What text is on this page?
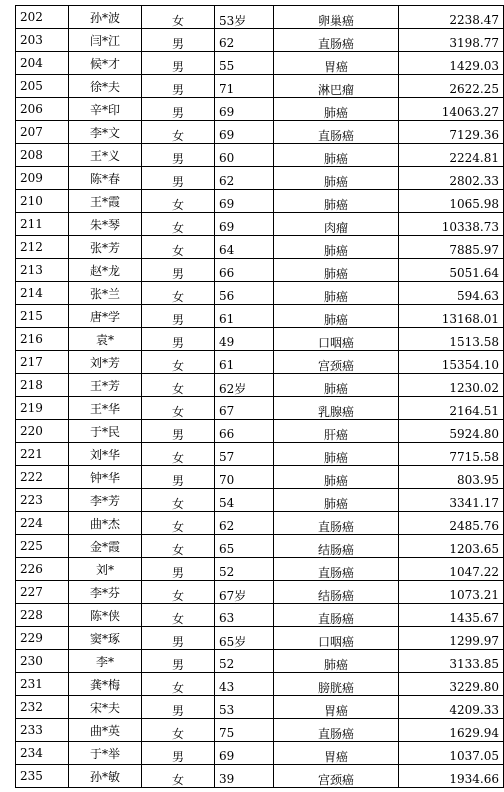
202	孙*波	女	53岁	卵巢癌	2238.47
203	闫*江	男	62	直肠癌	3198.77
204	候*才	男	55	胃癌	1429.03
205	徐*夫	男	71	淋巴瘤	2622.25
206	辛*印	男	69	肺癌	14063.27
207	李*文	女	69	直肠癌	7129.36
208	王*义	男	60	肺癌	2224.81
209	陈*春	男	62	肺癌	2802.33
210	王*霞	女	69	肺癌	1065.98
211	朱*琴	女	69	肉瘤	10338.73
212	张*芳	女	64	肺癌	7885.97
213	赵*龙	男	66	肺癌	5051.64
214	张*兰	女	56	肺癌	594.63
215	唐*学	男	61	肺癌	13168.01
216	袁*	男	49	口咽癌	1513.58
217	刘*芳	女	61	宫颈癌	15354.10
218	王*芳	女	62岁	肺癌	1230.02
219	王*华	女	67	乳腺癌	2164.51
220	于*民	男	66	肝癌	5924.80
221	刘*华	女	57	肺癌	7715.58
222	钟*华	男	70	肺癌	803.95
223	李*芳	女	54	肺癌	3341.17
224	曲*杰	女	62	直肠癌	2485.76
225	金*霞	女	65	结肠癌	1203.65
226	刘*	男	52	直肠癌	1047.22
227	李*芬	女	67岁	结肠癌	1073.21
228	陈*侠	女	63	直肠癌	1435.67
229	窦*琢	男	65岁	口咽癌	1299.97
230	李*	男	52	肺癌	3133.85
231	龚*梅	女	43	膀胱癌	3229.80
232	宋*夫	男	53	胃癌	4209.33
233	曲*英	女	75	直肠癌	1629.94
234	于*举	男	69	胃癌	1037.05
235	孙*敏	女	39	宫颈癌	1934.66
